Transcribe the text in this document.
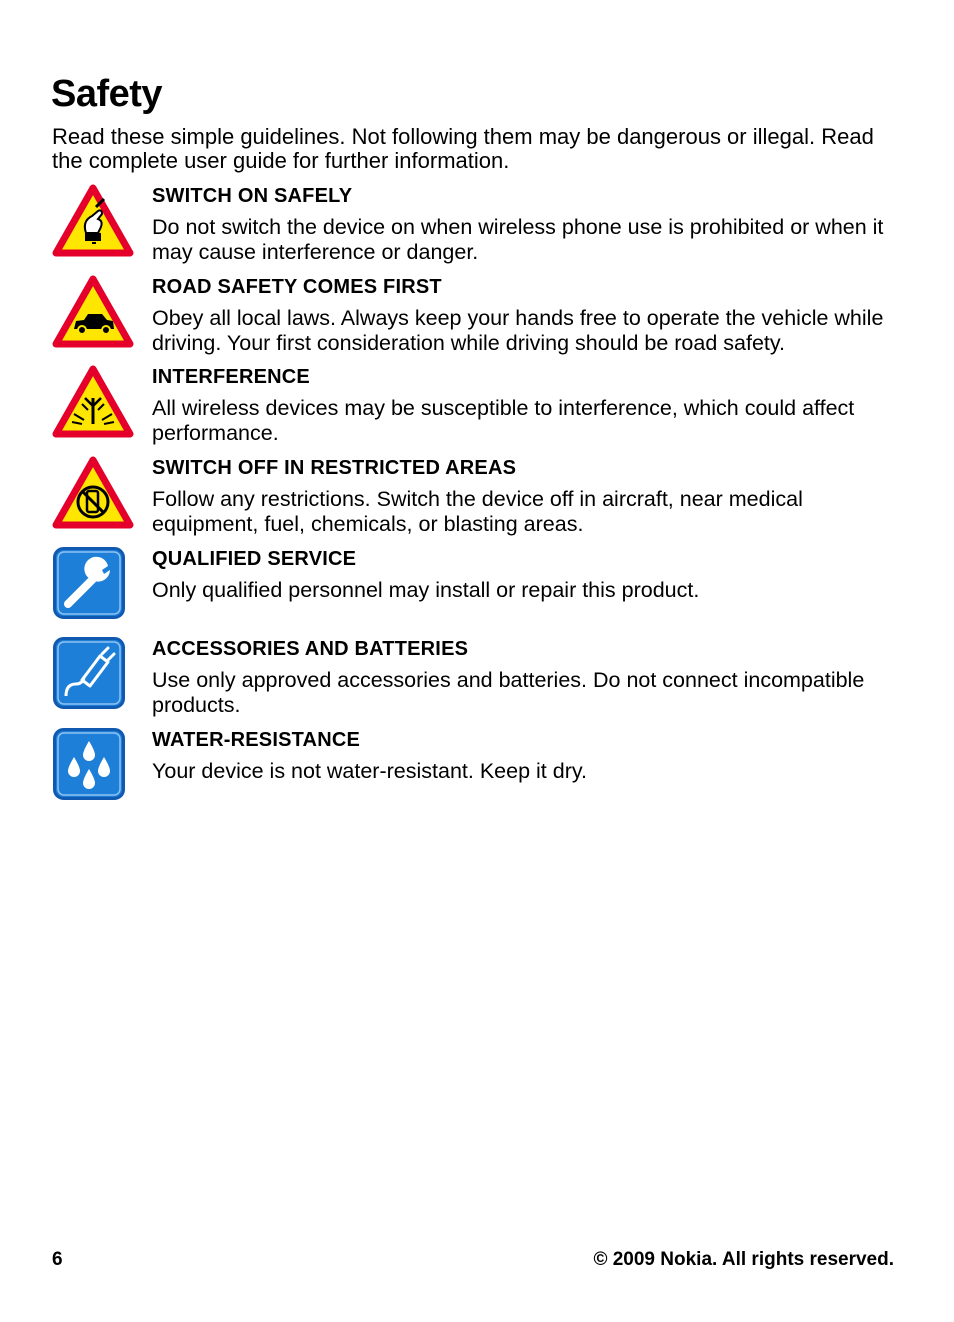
Safety

Read these simple guidelines. Not following them may be dangerous or illegal. Read the complete user guide for further information.

SWITCH ON SAFELY
Do not switch the device on when wireless phone use is prohibited or when it may cause interference or danger.
ROAD SAFETY COMES FIRST
Obey all local laws. Always keep your hands free to operate the vehicle while driving. Your first consideration while driving should be road safety.
INTERFERENCE
All wireless devices may be susceptible to interference, which could affect performance.
SWITCH OFF IN RESTRICTED AREAS
Follow any restrictions. Switch the device off in aircraft, near medical equipment, fuel, chemicals, or blasting areas.
QUALIFIED SERVICE
Only qualified personnel may install or repair this product.
ACCESSORIES AND BATTERIES
Use only approved accessories and batteries. Do not connect incompatible products.
WATER-RESISTANCE
Your device is not water-resistant. Keep it dry.
6	© 2009 Nokia. All rights reserved.
